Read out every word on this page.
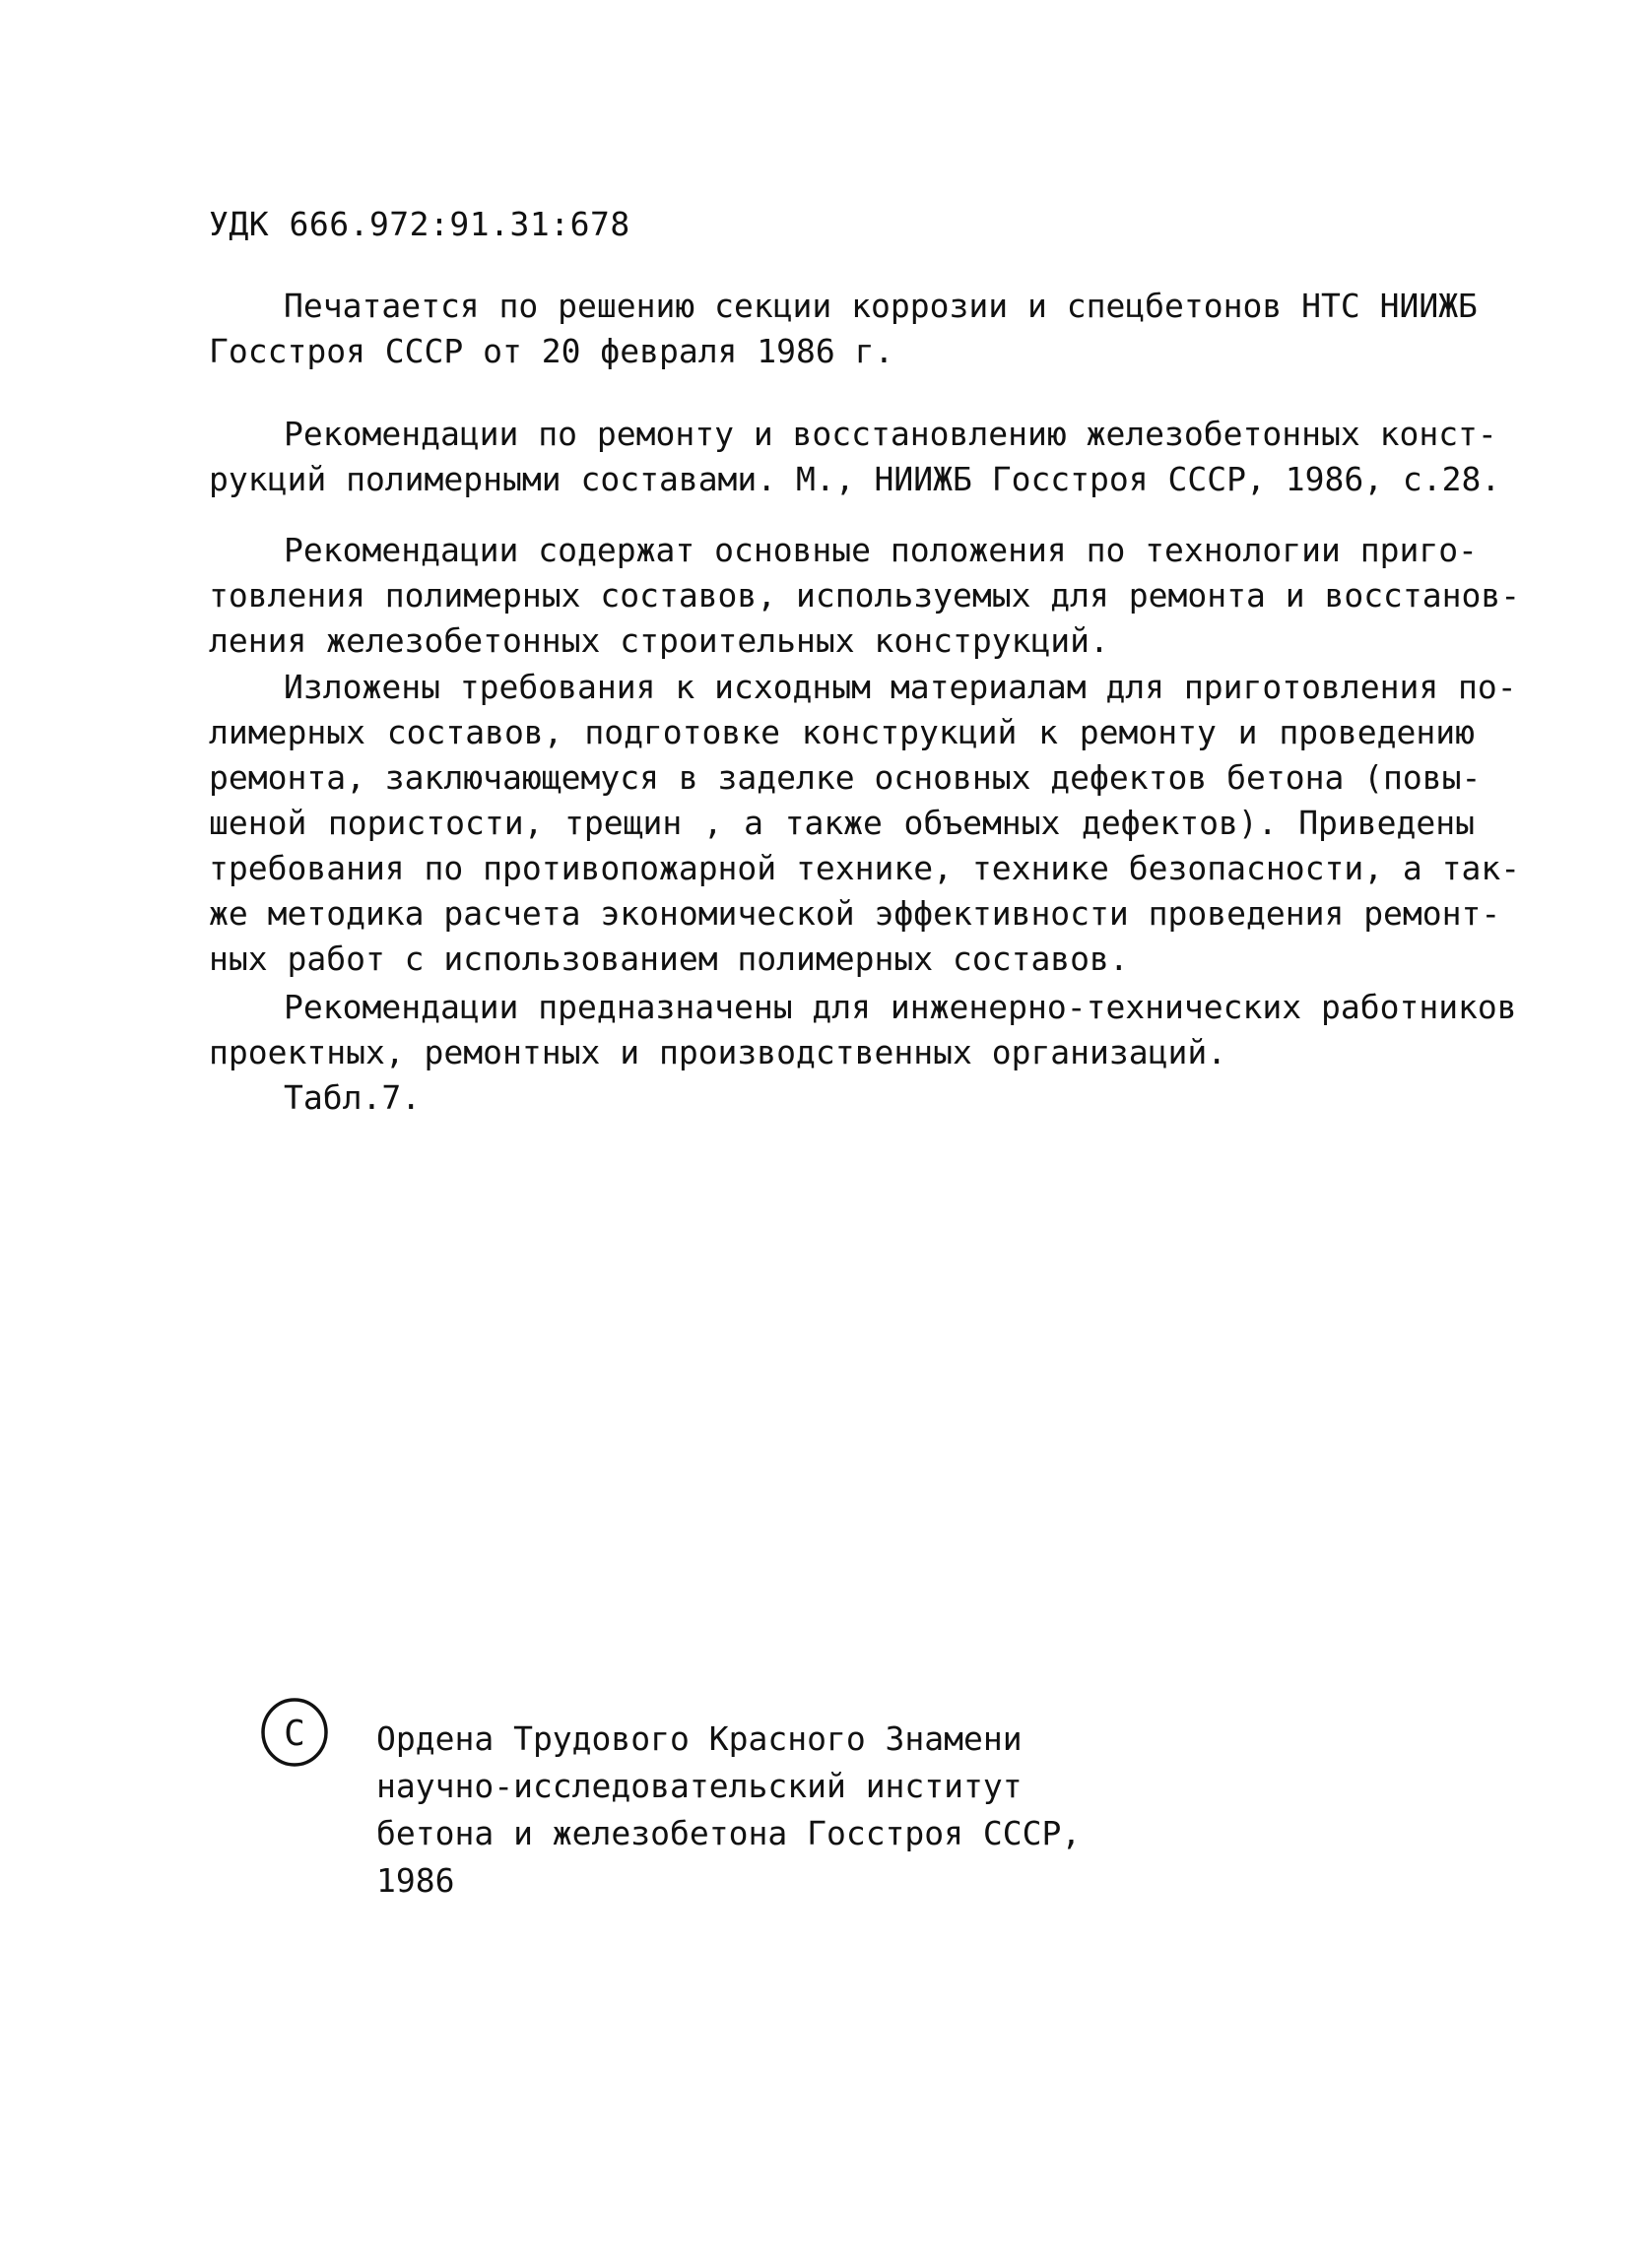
УДК 666.972:91.31:678
Печатается по решению секции коррозии и спецбетонов НТС НИИЖБ
Госстроя СССР от 20 февраля 1986 г.
Рекомендации по ремонту и восстановлению железобетонных конст-
рукций полимерными составами. М., НИИЖБ Госстроя СССР, 1986, с.28.
Рекомендации содержат основные положения по технологии приго-
товления полимерных составов, используемых для ремонта и восстанов-
ления железобетонных строительных конструкций.
Изложены требования к исходным материалам для приготовления по-
лимерных составов, подготовке конструкций к ремонту и проведению
ремонта, заключающемуся в заделке основных дефектов бетона (повы-
шеной пористости, трещин , а также объемных дефектов). Приведены
требования по противопожарной технике, технике безопасности, а так-
же методика расчета экономической эффективности проведения ремонт-
ных работ с использованием полимерных составов.
Рекомендации предназначены для инженерно-технических работников
проектных, ремонтных и производственных организаций.
Табл.7.
C Ордена Трудового Красного Знамени
научно-исследовательский институт
бетона и железобетона Госстроя СССР,
1986
